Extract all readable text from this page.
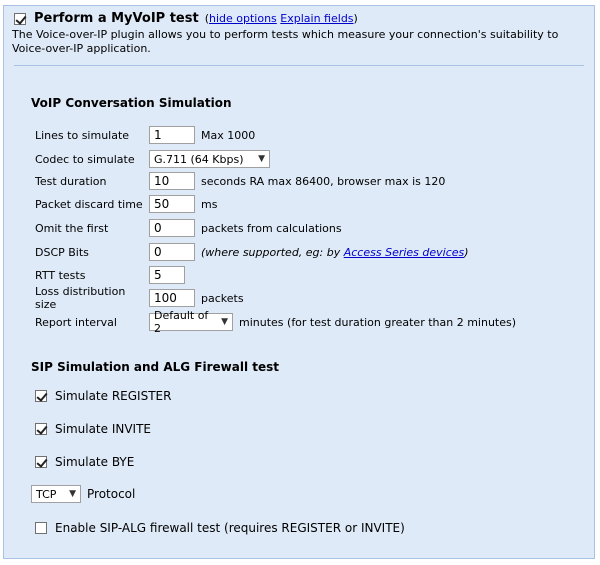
Perform a MyVoIP test (hide options Explain fields)
The Voice-over-IP plugin allows you to perform tests which measure your connection's suitability to Voice-over-IP application.
VoIP Conversation Simulation
Lines to simulate	1	Max 1000
Codec to simulate	G.711 (64 Kbps) ▼
Test duration	10	seconds RA max 86400, browser max is 120
Packet discard time 50	ms
Omit the first	0	packets from calculations
DSCP Bits	0	(where supported, eg: by Access Series devices)
RTT tests	5
Loss distribution size	100	packets
Report interval	Default of 2	▼ minutes (for test duration greater than 2 minutes)
SIP Simulation and ALG Firewall test
Simulate REGISTER
Simulate INVITE
Simulate BYE
TCP ▼ Protocol
Enable SIP-ALG firewall test (requires REGISTER or INVITE)
